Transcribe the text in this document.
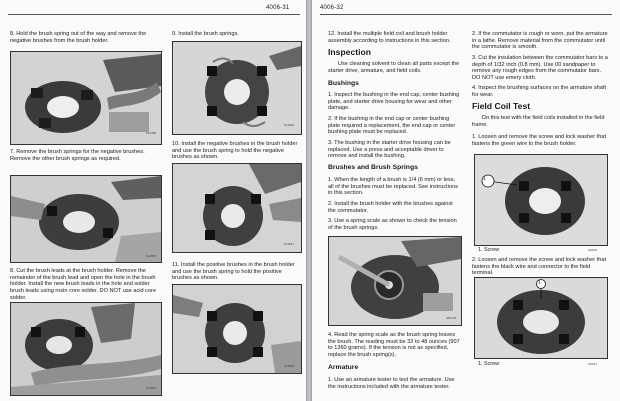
4006-31

8. Hold the brush spring out of the way and remove the negative brushes from the brush holder.

S11458

9. Install the brush springs.

S11814

7. Remove the brush springs for the negative brushes. Remove the other brush springs as required.

S11806

10. Install the negative brushes in the brush holder and use the brush spring to hold the negative brushes as shown.

S11817

8. Cut the brush leads at the brush holder. Remove the remainder of the brush lead and open the hole in the brush holder. Install the new brush leads in the hole and solder brush leads using rosin core solder. DO NOT use acid core solder.

S11812

11. Install the positive brushes in the brush holder and use the brush spring to hold the positive brushes as shown.

S11818
4006-32

12. Install the multiple field coil and brush holder assembly according to instructions in this section.

Inspection

Use cleaning solvent to clean all parts except the starter drive, armature, and field coils.

Bushings

1. Inspect the bushing in the end cap, center bushing plate, and starter drive housing for wear and other damage.

2. If the bushing in the end cap or center bushing plate required a replacement, the end cap or center bushing plate must be replaced.

3. The bushing in the starter drive housing can be replaced. Use a press and acceptable driver to remove and install the bushing.

Brushes and Brush Springs

1. When the length of a brush is 1/4 (6 mm) or less, all of the brushes must be replaced. See instructions in this section.

2. Install the brush holder with the brushes against the commutator.

3. Use a spring scale as shown to check the tension of the brush springs.

S56733

4. Read the spring scale as the brush spring leaves the brush. The reading must be 32 to 48 ounces (907 to 1360 grams). If the tension is not as specified, replace the brush spring(s).

Armature

1. Use an armature tester to test the armature. Use the instructions included with the armature tester.

2. If the commutator is rough or worn, put the armature in a lathe. Remove material from the commutator until the commutator is smooth.

3. Cut the insulation between the commutator bars to a depth of 1/32 inch (0.8 mm). Use 00 sandpaper to remove any rough edges from the commutator bars. DO NOT use emery cloth.

4. Inspect the brushing surfaces on the armature shaft for wear.

Field Coil Test

Do this test with the field coils installed in the field frame.

1. Loosen and remove the screw and lock washer that fastens the green wire to the brush holder.

1
1. Screw	S6A40

2. Loosen and remove the screw and lock washer that fastens the black wire and connector to the field terminal.

1
1. Screw	S6A41
